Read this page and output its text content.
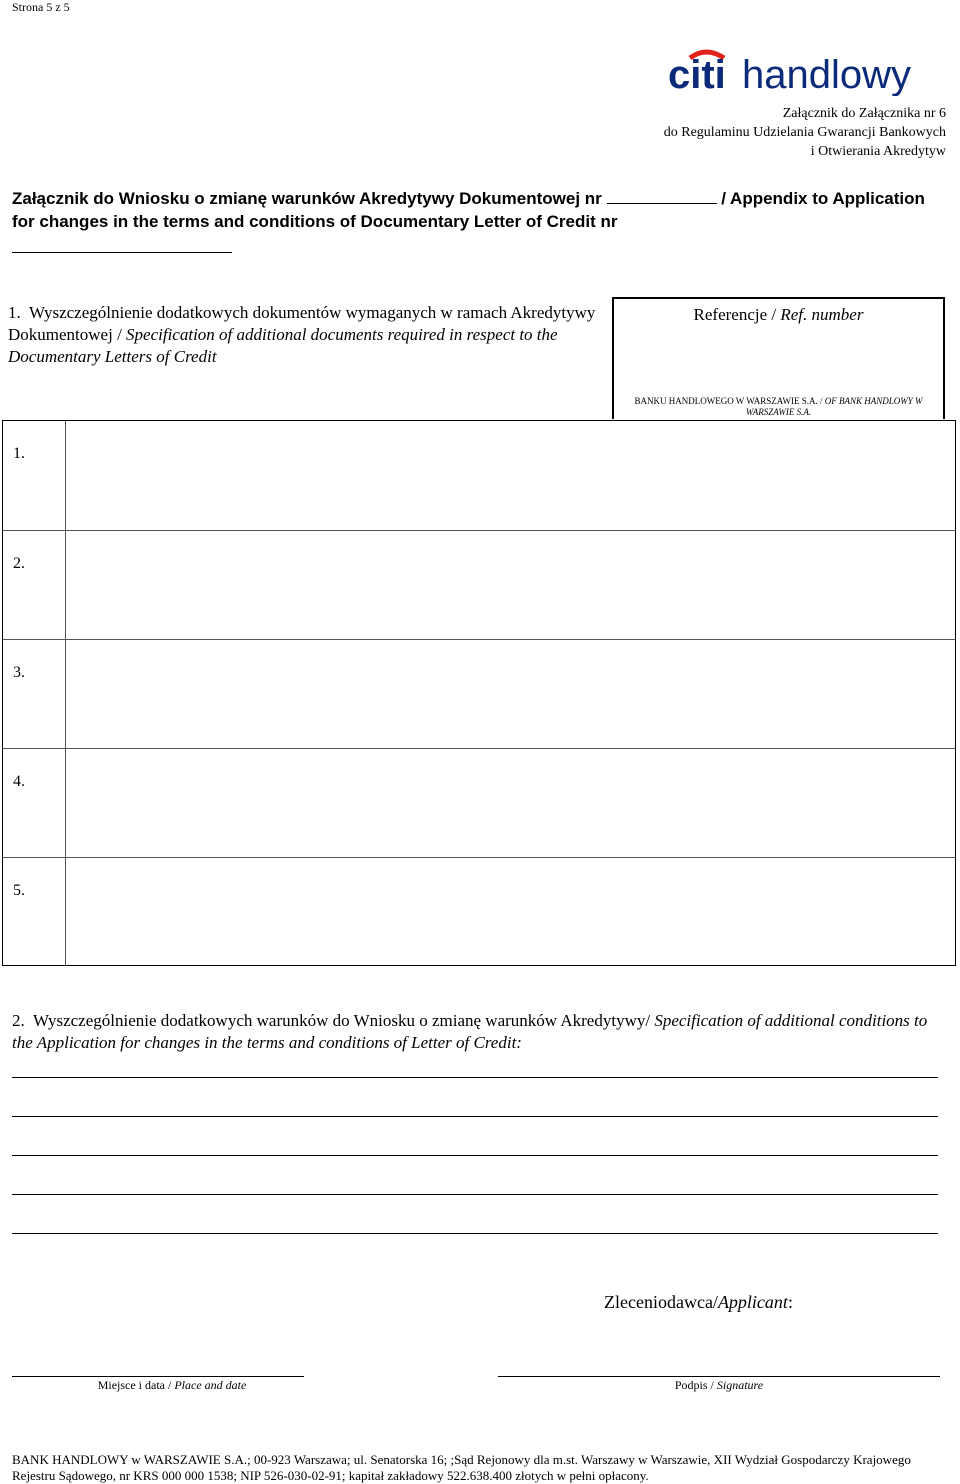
Strona 5 z 5
citi handlowy
Załącznik do Załącznika nr 6
do Regulaminu Udzielania Gwarancji Bankowych
i Otwierania Akredytyw
Załącznik do Wniosku o zmianę warunków Akredytywy Dokumentowej nr	/ Appendix to Application for changes in the terms and conditions of Documentary Letter of Credit nr
1. Wyszczególnienie dodatkowych dokumentów wymaganych w ramach Akredytywy Dokumentowej / Specification of additional documents required in respect to the Documentary Letters of Credit
Referencje / Ref. number
BANKU HANDLOWEGO W WARSZAWIE S.A. / OF BANK HANDLOWY W WARSZAWIE S.A.
1.
2.
3.
4.
5.
2. Wyszczególnienie dodatkowych warunków do Wniosku o zmianę warunków Akredytywy/ Specification of additional conditions to the Application for changes in the terms and conditions of Letter of Credit:
Zleceniodawca/Applicant:
Miejsce i data / Place and date	Podpis / Signature
BANK HANDLOWY w WARSZAWIE S.A.; 00-923 Warszawa; ul. Senatorska 16; ;Sąd Rejonowy dla m.st. Warszawy w Warszawie, XII Wydział Gospodarczy Krajowego
Rejestru Sądowego, nr KRS 000 000 1538; NIP 526-030-02-91; kapitał zakładowy 522.638.400 złotych w pełni opłacony.
